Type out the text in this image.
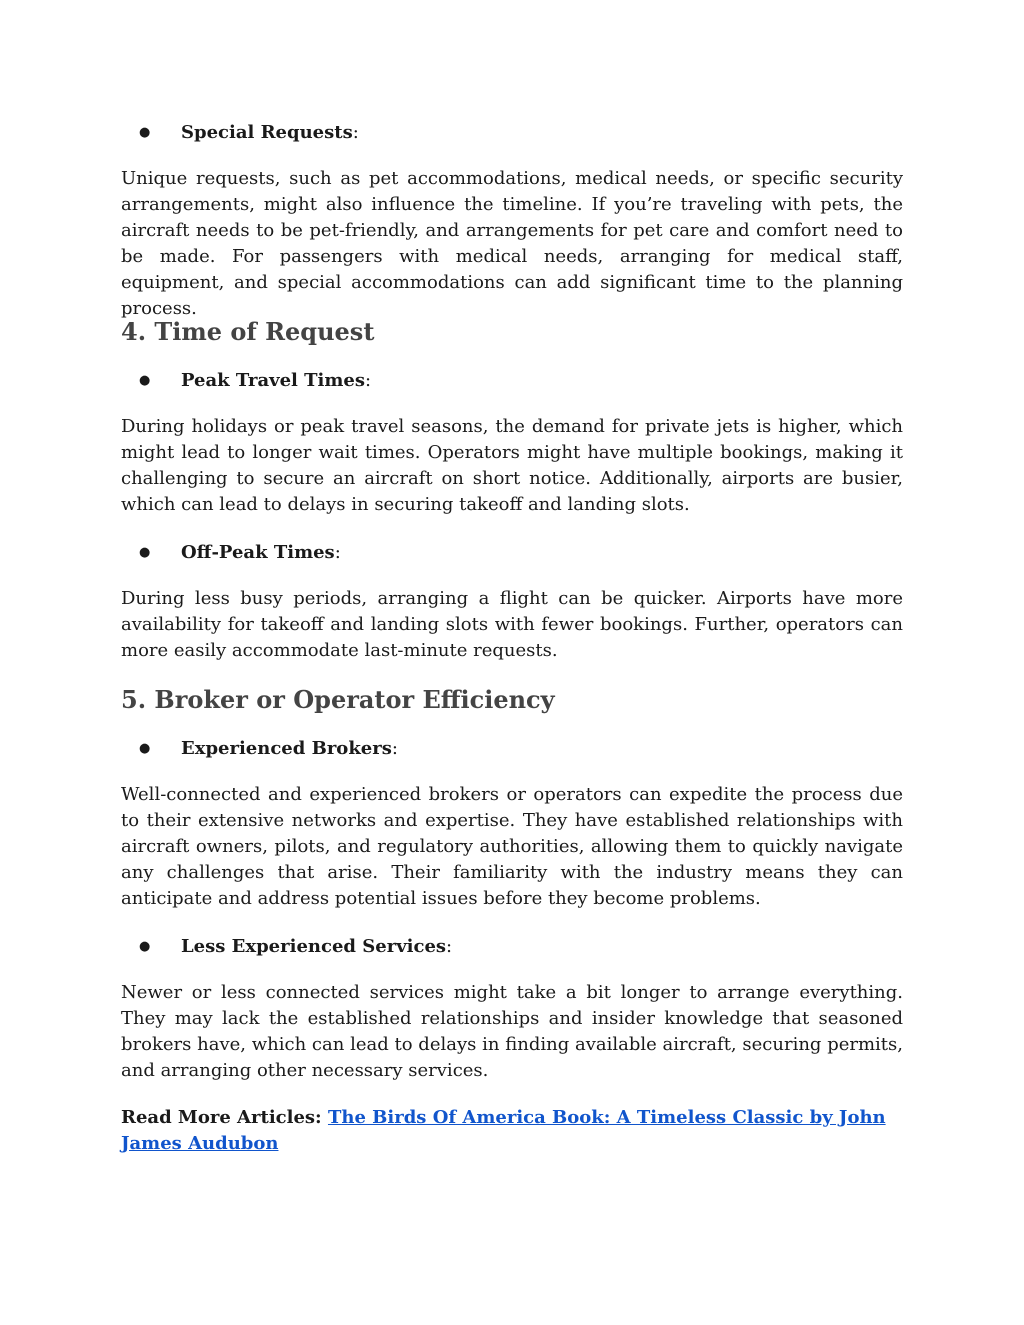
● Special Requests:

Unique requests, such as pet accommodations, medical needs, or specific security arrangements, might also influence the timeline. If you’re traveling with pets, the aircraft needs to be pet-friendly, and arrangements for pet care and comfort need to be made. For passengers with medical needs, arranging for medical staff, equipment, and special accommodations can add significant time to the planning process.

4. Time of Request
● Peak Travel Times:

During holidays or peak travel seasons, the demand for private jets is higher, which might lead to longer wait times. Operators might have multiple bookings, making it challenging to secure an aircraft on short notice. Additionally, airports are busier, which can lead to delays in securing takeoff and landing slots.

● Off-Peak Times:

During less busy periods, arranging a flight can be quicker. Airports have more availability for takeoff and landing slots with fewer bookings. Further, operators can more easily accommodate last-minute requests.

5. Broker or Operator Efficiency
● Experienced Brokers:

Well-connected and experienced brokers or operators can expedite the process due to their extensive networks and expertise. They have established relationships with aircraft owners, pilots, and regulatory authorities, allowing them to quickly navigate any challenges that arise. Their familiarity with the industry means they can anticipate and address potential issues before they become problems.

● Less Experienced Services:

Newer or less connected services might take a bit longer to arrange everything. They may lack the established relationships and insider knowledge that seasoned brokers have, which can lead to delays in finding available aircraft, securing permits, and arranging other necessary services.

Read More Articles: The Birds Of America Book: A Timeless Classic by John James Audubon
